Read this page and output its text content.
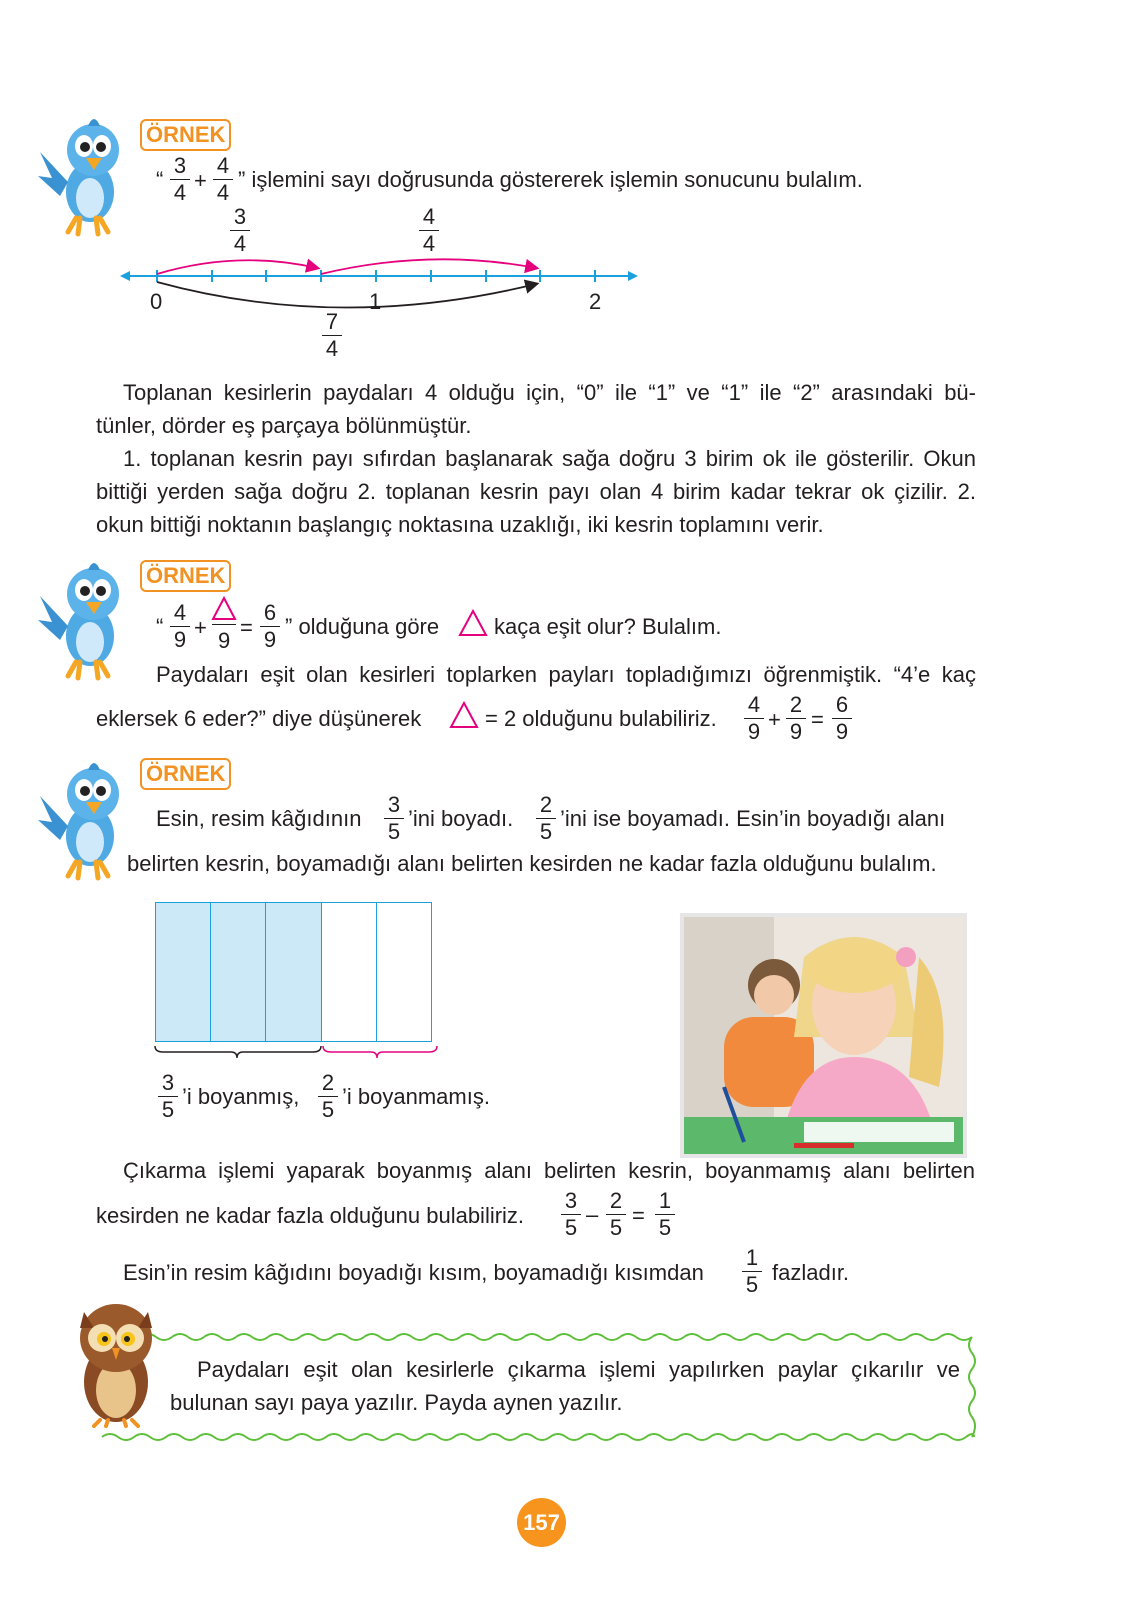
ÖRNEK
“
3
4 +
4
4
” işlemini sayı doğrusunda göstererek işlemin sonucunu bulalım.
3
4
4
4
0	1	2
7
4
Toplanan kesirlerin paydaları 4 olduğu için, “0” ile “1” ve “1” ile “2” arasındaki bü-
tünler, dörder eş parçaya bölünmüştür.
1. toplanan kesrin payı sıfırdan başlanarak sağa doğru 3 birim ok ile gösterilir. Okun
bittiği yerden sağa doğru 2. toplanan kesrin payı olan 4 birim kadar tekrar ok çizilir. 2.
okun bittiği noktanın başlangıç noktasına uzaklığı, iki kesrin toplamını verir.
ÖRNEK
“
4
9 +
9
=
6
9
” olduğuna göre kaça eşit olur? Bulalım.
Paydaları eşit olan kesirleri toplarken payları topladığımızı öğrenmiştik. “4’e kaç
eklersek 6 eder?” diye düşünerek	= 2 olduğunu bulabiliriz.
4
9 +
2
9 =
6
9
ÖRNEK
Esin, resim kâğıdının
3
5
’ini boyadı.
2
5
’ini ise boyamadı. Esin’in boyadığı alanı
belirten kesrin, boyamadığı alanı belirten kesirden ne kadar fazla olduğunu bulalım.
3
5
’i boyanmış,
2
5
’i boyanmamış.
Çıkarma işlemi yaparak boyanmış alanı belirten kesrin, boyanmamış alanı belirten
kesirden ne kadar fazla olduğunu bulabiliriz.
3
5
–
2
5 =
1
5
Esin’in resim kâğıdını boyadığı kısım, boyamadığı kısımdan
1
5 fazladır.
Paydaları eşit olan kesirlerle çıkarma işlemi yapılırken paylar çıkarılır ve
bulunan sayı paya yazılır. Payda aynen yazılır.
157
